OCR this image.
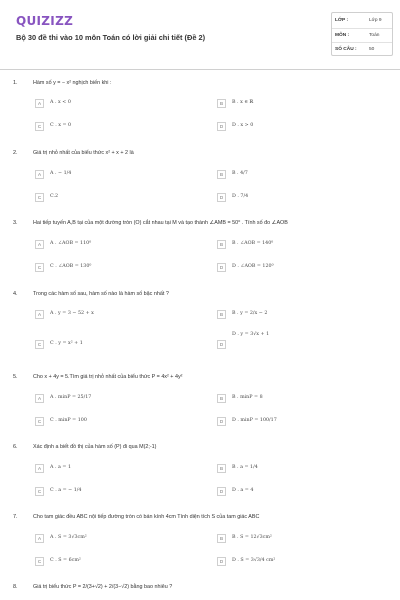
QUIZIZZ
Bộ 30 đề thi vào 10 môn Toán có lời giải chi tiết (Đề 2)
LỚP :	Lớp 9
MÔN :	Toán
SỐ CÂU :	50
1.	Hàm số y = − x² nghịch biến khi :
A	A . x < 0	B	B . x ∈ ℝ
C	C . x = 0	D	D . x > 0
2.	Giá trị nhỏ nhất của biểu thức x² + x + 2 là
A	A . − 1/4	B	B . 4/7
C	C.2	D	D . 7/4
3.	Hai tiếp tuyến A,B tại của một đường tròn (O) cắt nhau tại M và tạo thành ∠AMB = 50⁰ . Tính số đo ∠AOB
A	A . ∠AOB = 110⁰	B	B . ∠AOB = 140⁰
C	C . ∠AOB = 130⁰	D	D . ∠AOB = 120⁰
4.	Trong các hàm số sau, hàm số nào là hàm số bậc nhất ?
A	A . y = 3 − 52 + x	B	B . y = 2/x − 2
C	C . y = x² + 1	D
D . y = 3√x + 1
5.	Cho x + 4y = 5.Tìm giá trị nhỏ nhất của biểu thức P = 4x² + 4y²
A	A . minP = 25/17	B	B . minP = 8
C	C . minP = 100	D	D . minP = 100/17
6.	Xác định a biết đồ thị của hàm số (P) đi qua M(2;-1)
A	A . a = 1	B	B . a = 1/4
C	C . a = − 1/4	D	D . a = 4
7.	Cho tam giác đều ABC nội tiếp đường tròn có bán kính 4cm Tính diện tích S của tam giác ABC
A	A . S = 3√3cm²	B	B . S = 12√3cm²
C	C . S = 6cm²	D	D . S = 3√3/4 cm²
8.	Giá trị biểu thức P = 2/(3+√2) + 2/(3−√2) bằng bao nhiêu ?
